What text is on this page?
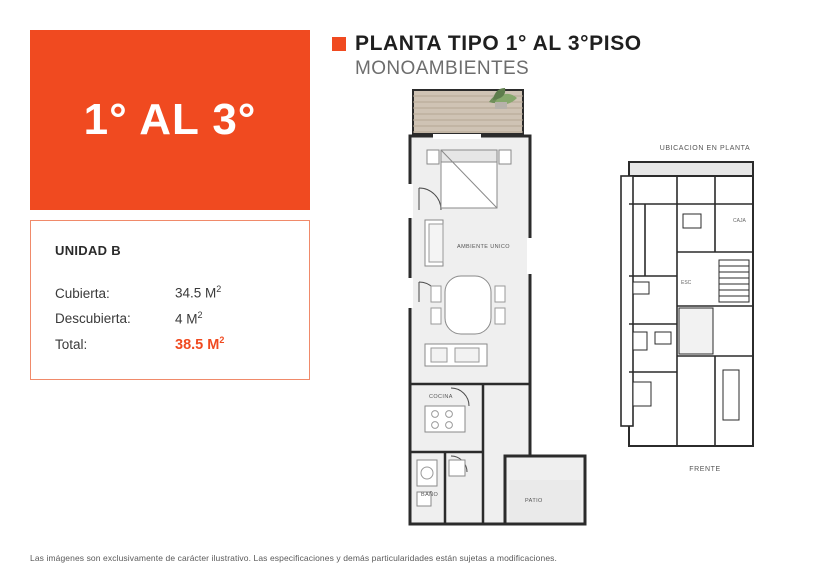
1° AL 3°
UNIDAD B
Cubierta:	34.5 $M^2$
Descubierta:	4 $M^2$
Total:	38.5 $M^2$
PLANTA TIPO 1° AL 3°PISO
MONOAMBIENTES
AMBIENTE UNICO
COCINA
BAÑO
PATIO
UBICACION EN PLANTA
CAJA
ESC
FRENTE
Las imágenes son exclusivamente de carácter ilustrativo. Las especificaciones y demás particularidades están sujetas a modificaciones.
